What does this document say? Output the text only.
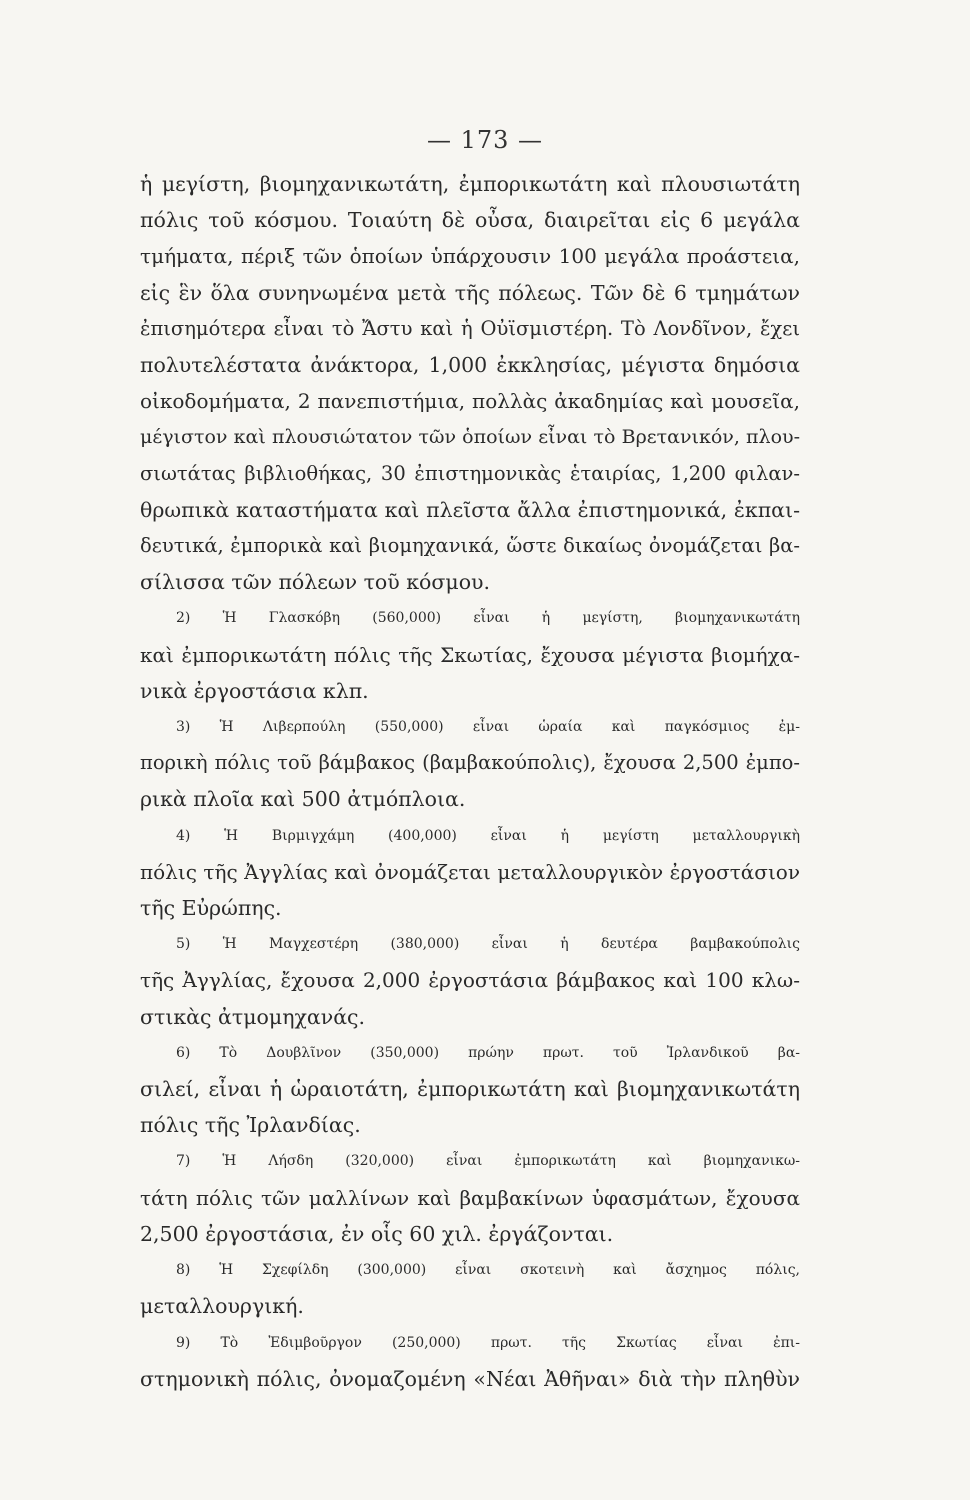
— 173 —
ἡ μεγίστη, βιομηχανικωτάτη, ἐμπορικωτάτη καὶ πλουσιωτάτη
πόλις τοῦ κόσμου. Τοιαύτη δὲ οὖσα, διαιρεῖται εἰς 6 μεγάλα
τμήματα, πέριξ τῶν ὁποίων ὑπάρχουσιν 100 μεγάλα προάστεια,
εἰς ἓν ὅλα συνηνωμένα μετὰ τῆς πόλεως. Τῶν δὲ 6 τμημάτων
ἐπισημότερα εἶναι τὸ Ἄστυ καὶ ἡ Οὐϊσμιστέρη. Τὸ Λονδῖνον, ἔχει
πολυτελέστατα ἀνάκτορα, 1,000 ἐκκλησίας, μέγιστα δημόσια
οἰκοδομήματα, 2 πανεπιστήμια, πολλὰς ἀκαδημίας καὶ μουσεῖα,
μέγιστον καὶ πλουσιώτατον τῶν ὁποίων εἶναι τὸ Βρετανικόν, πλου-
σιωτάτας βιβλιοθήκας, 30 ἐπιστημονικὰς ἑταιρίας, 1,200 φιλαν-
θρωπικὰ καταστήματα καὶ πλεῖστα ἄλλα ἐπιστημονικά, ἐκπαι-
δευτικά, ἐμπορικὰ καὶ βιομηχανικά, ὥστε δικαίως ὀνομάζεται βα-
σίλισσα τῶν πόλεων τοῦ κόσμου.
2) Ἡ Γλασκόβη (560,000) εἶναι ἡ μεγίστη, βιομηχανικωτάτη
καὶ ἐμπορικωτάτη πόλις τῆς Σκωτίας, ἔχουσα μέγιστα βιομήχα-
νικὰ ἐργοστάσια κλπ.
3) Ἡ Λιβερπούλη (550,000) εἶναι ὡραία καὶ παγκόσμιος ἐμ-
πορικὴ πόλις τοῦ βάμβακος (βαμβακούπολις), ἔχουσα 2,500 ἐμπο-
ρικὰ πλοῖα καὶ 500 ἀτμόπλοια.
4) Ἡ Βιρμιγχάμη (400,000) εἶναι ἡ μεγίστη μεταλλουργικὴ
πόλις τῆς Ἀγγλίας καὶ ὀνομάζεται μεταλλουργικὸν ἐργοστάσιον
τῆς Εὐρώπης.
5) Ἡ Μαγχεστέρη (380,000) εἶναι ἡ δευτέρα βαμβακούπολις
τῆς Ἀγγλίας, ἔχουσα 2,000 ἐργοστάσια βάμβακος καὶ 100 κλω-
στικὰς ἀτμομηχανάς.
6) Τὸ Δουβλῖνον (350,000) πρώην πρωτ. τοῦ Ἰρλανδικοῦ βα-
σιλεί, εἶναι ἡ ὡραιοτάτη, ἐμπορικωτάτη καὶ βιομηχανικωτάτη
πόλις τῆς Ἰρλανδίας.
7) Ἡ Λήσδη (320,000) εἶναι ἐμπορικωτάτη καὶ βιομηχανικω-
τάτη πόλις τῶν μαλλίνων καὶ βαμβακίνων ὑφασμάτων, ἔχουσα
2,500 ἐργοστάσια, ἐν οἷς 60 χιλ. ἐργάζονται.
8) Ἡ Σχεφίλδη (300,000) εἶναι σκοτεινὴ καὶ ἄσχημος πόλις,
μεταλλουργική.
9) Τὸ Ἐδιμβοῦργον (250,000) πρωτ. τῆς Σκωτίας εἶναι ἐπι-
στημονικὴ πόλις, ὀνομαζομένη «Νέαι Ἀθῆναι» διὰ τὴν πληθὺν
